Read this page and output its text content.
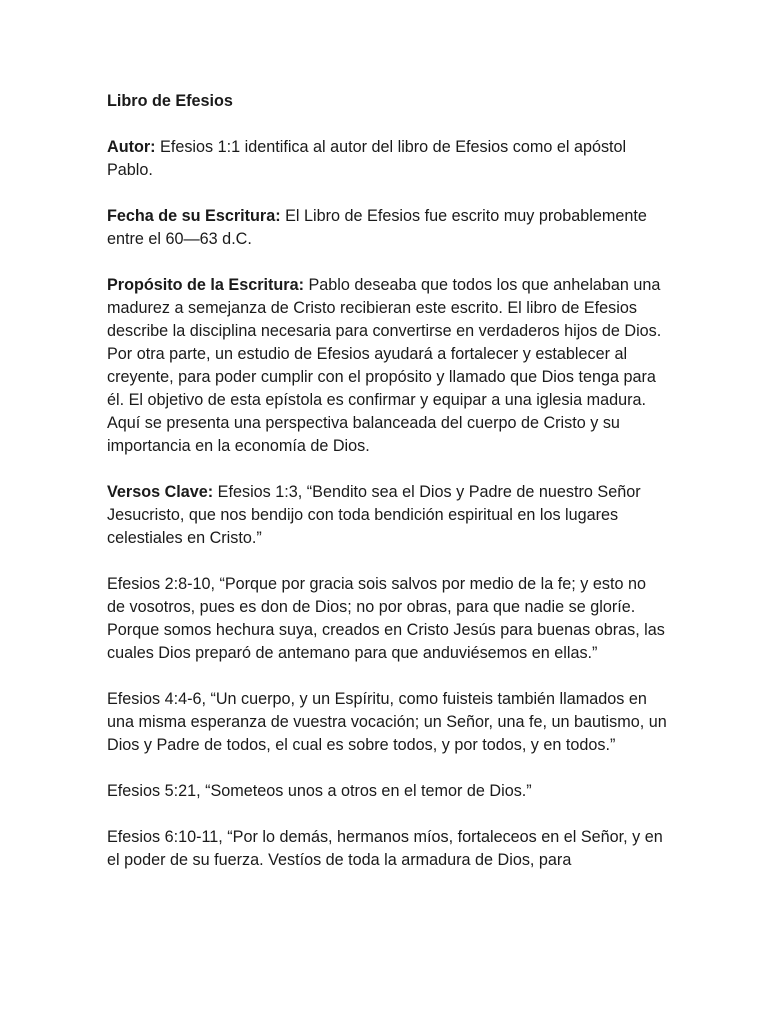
Libro de Efesios

Autor: Efesios 1:1 identifica al autor del libro de Efesios como el apóstol Pablo.

Fecha de su Escritura: El Libro de Efesios fue escrito muy probablemente entre el 60—63 d.C.

Propósito de la Escritura: Pablo deseaba que todos los que anhelaban una madurez a semejanza de Cristo recibieran este escrito. El libro de Efesios describe la disciplina necesaria para convertirse en verdaderos hijos de Dios. Por otra parte, un estudio de Efesios ayudará a fortalecer y establecer al creyente, para poder cumplir con el propósito y llamado que Dios tenga para él. El objetivo de esta epístola es confirmar y equipar a una iglesia madura. Aquí se presenta una perspectiva balanceada del cuerpo de Cristo y su importancia en la economía de Dios.

Versos Clave: Efesios 1:3, “Bendito sea el Dios y Padre de nuestro Señor Jesucristo, que nos bendijo con toda bendición espiritual en los lugares celestiales en Cristo.”

Efesios 2:8-10, “Porque por gracia sois salvos por medio de la fe; y esto no de vosotros, pues es don de Dios; no por obras, para que nadie se gloríe. Porque somos hechura suya, creados en Cristo Jesús para buenas obras, las cuales Dios preparó de antemano para que anduviésemos en ellas.”

Efesios 4:4-6, “Un cuerpo, y un Espíritu, como fuisteis también llamados en una misma esperanza de vuestra vocación; un Señor, una fe, un bautismo, un Dios y Padre de todos, el cual es sobre todos, y por todos, y en todos.”

Efesios 5:21, “Someteos unos a otros en el temor de Dios.”

Efesios 6:10-11, “Por lo demás, hermanos míos, fortaleceos en el Señor, y en el poder de su fuerza. Vestíos de toda la armadura de Dios, para
